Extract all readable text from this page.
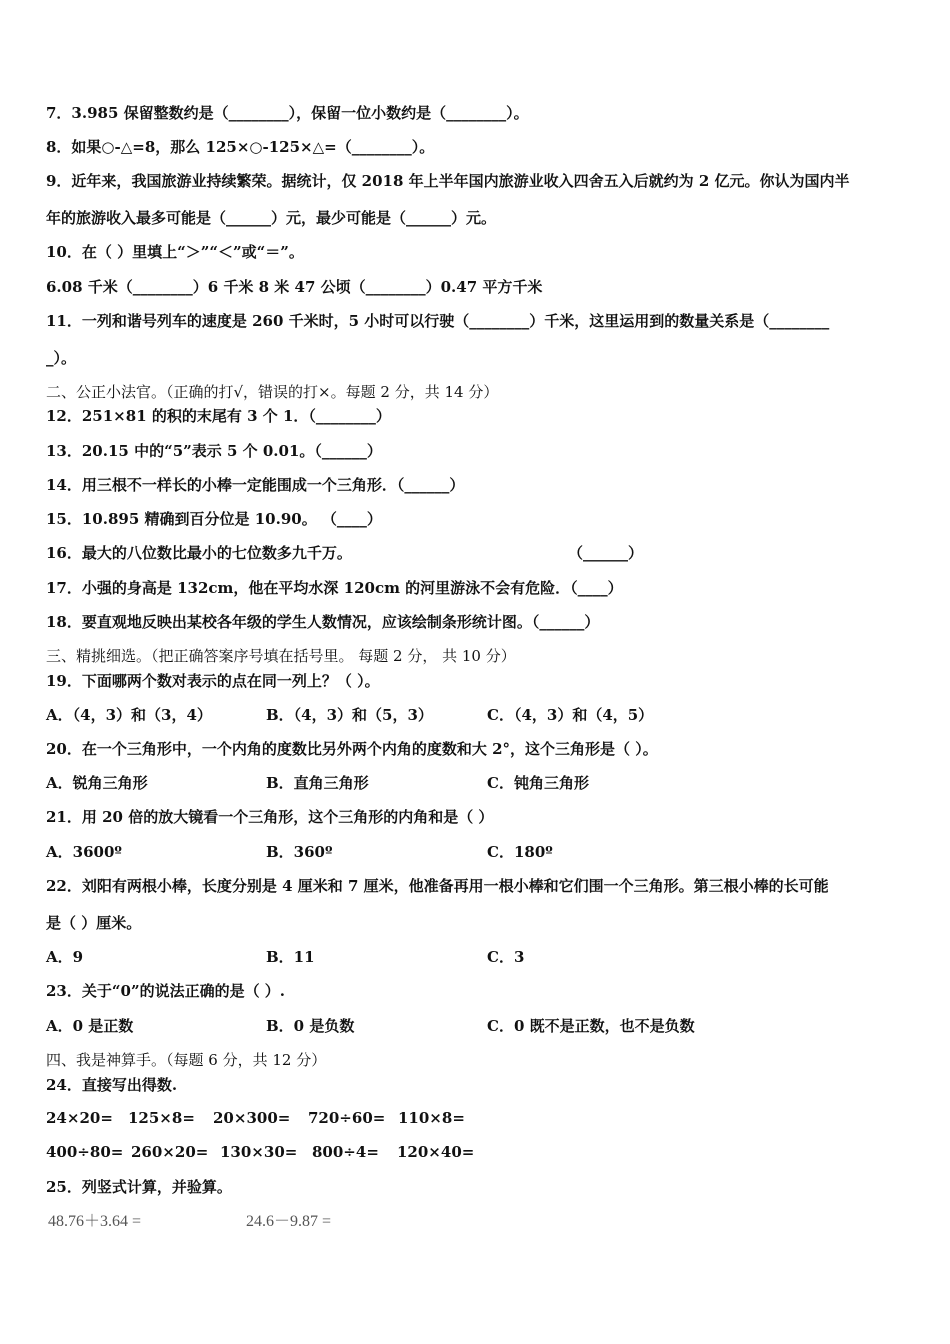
7．3.985 保留整数约是（________），保留一位小数约是（________）。
8．如果○-△=8，那么 125×○-125×△=（________）。
9．近年来，我国旅游业持续繁荣。据统计，仅 2018 年上半年国内旅游业收入四舍五入后就约为 2 亿元。你认为国内半
年的旅游收入最多可能是（______）元，最少可能是（______）元。
10．在（ ）里填上“＞”“＜”或“＝”。
6.08 千米（________）6 千米 8 米 47 公顷（________）0.47 平方千米
11．一列和谐号列车的速度是 260 千米时，5 小时可以行驶（________）千米，这里运用到的数量关系是（________
_）。
二、公正小法官。（正确的打√，错误的打×。每题 2 分，共 14 分）
12．251×81 的积的末尾有 3 个 1．（________）
13．20.15 中的“5”表示 5 个 0.01。（______）
14．用三根不一样长的小棒一定能围成一个三角形．（______）
15．10.895 精确到百分位是 10.90。 （____）
16．最大的八位数比最小的七位数多九千万。	（______）
17．小强的身高是 132cm，他在平均水深 120cm 的河里游泳不会有危险．（____）
18．要直观地反映出某校各年级的学生人数情况，应该绘制条形统计图。（______）
三、精挑细选。（把正确答案序号填在括号里。 每题 2 分， 共 10 分）
19．下面哪两个数对表示的点在同一列上？（ ）。
A．（4，3）和（3，4）	B．（4，3）和（5，3）	C．（4，3）和（4，5）
20．在一个三角形中，一个内角的度数比另外两个内角的度数和大 2°，这个三角形是（ ）。
A．锐角三角形	B．直角三角形	C．钝角三角形
21．用 20 倍的放大镜看一个三角形，这个三角形的内角和是（ ）
A．3600º	B．360º	C．180º
22．刘阳有两根小棒，长度分别是 4 厘米和 7 厘米，他准备再用一根小棒和它们围一个三角形。第三根小棒的长可能
是（ ）厘米。
A．9	B．11	C．3
23．关于“0”的说法正确的是（ ）.
A．0 是正数	B．0 是负数	C．0 既不是正数，也不是负数
四、我是神算手。（每题 6 分，共 12 分）
24．直接写出得数.
24×20= 125×8= 20×300= 720÷60= 110×8=
400÷80= 260×20= 130×30= 800÷4= 120×40=
25．列竖式计算，并验算。
48.76＋3.64 =	24.6－9.87 =
